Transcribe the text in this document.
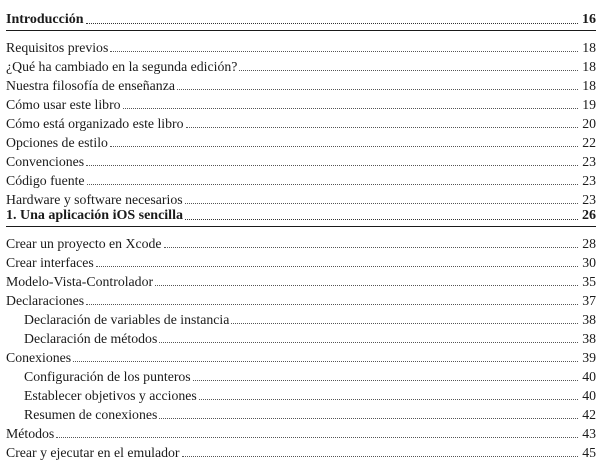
Introducción	16
Requisitos previos	18
¿Qué ha cambiado en la segunda edición?	18
Nuestra filosofía de enseñanza	18
Cómo usar este libro	19
Cómo está organizado este libro	20
Opciones de estilo	22
Convenciones	23
Código fuente	23
Hardware y software necesarios	23
1. Una aplicación iOS sencilla	26
Crear un proyecto en Xcode	28
Crear interfaces	30
Modelo-Vista-Controlador	35
Declaraciones	37
Declaración de variables de instancia	38
Declaración de métodos	38
Conexiones	39
Configuración de los punteros	40
Establecer objetivos y acciones	40
Resumen de conexiones	42
Métodos	43
Crear y ejecutar en el emulador	45
